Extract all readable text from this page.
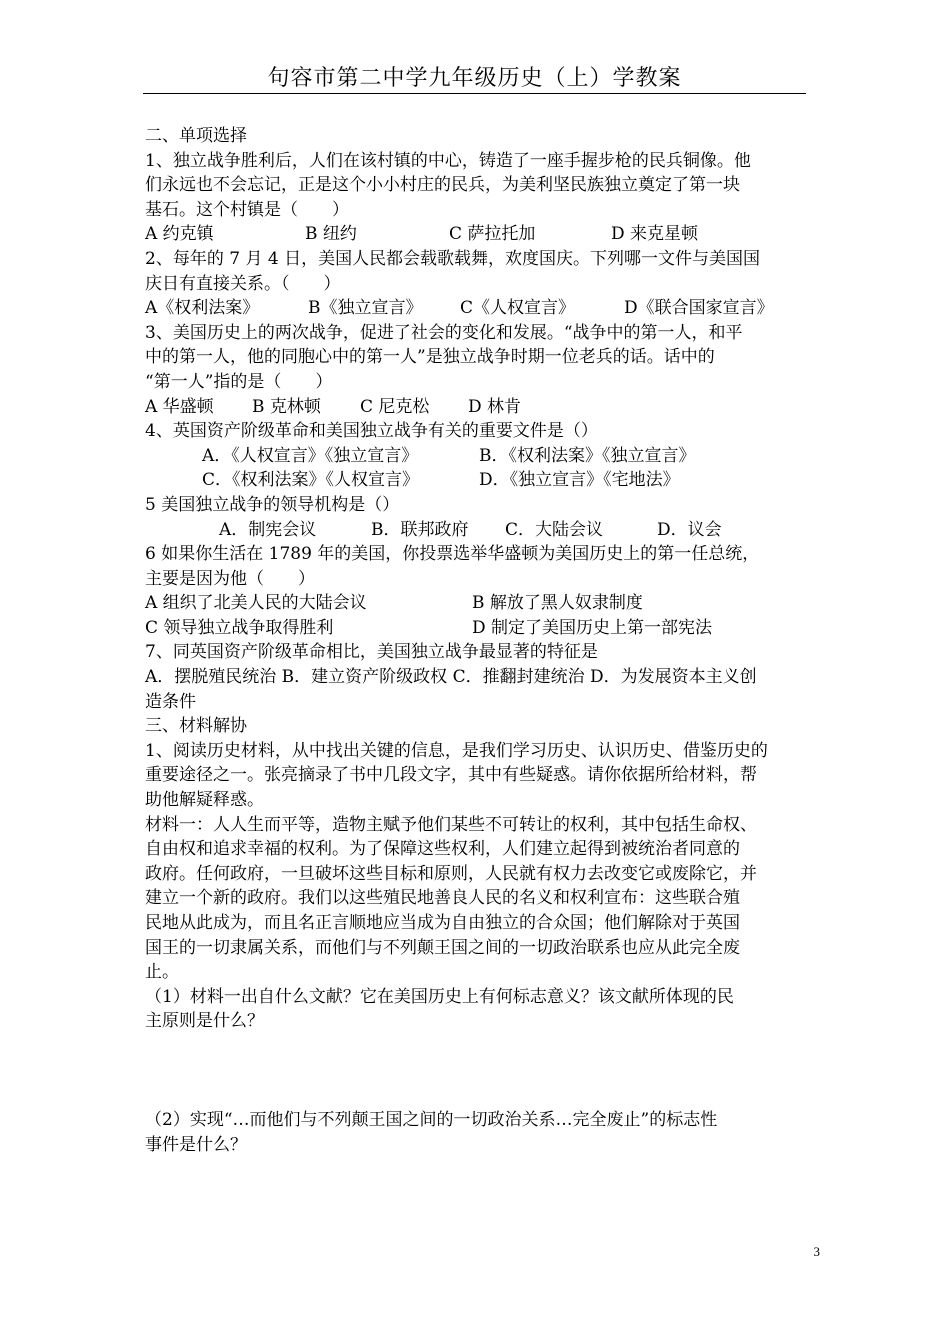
句容市第二中学九年级历史（上）学教案
二、单项选择
1、独立战争胜利后，人们在该村镇的中心，铸造了一座手握步枪的民兵铜像。他
们永远也不会忘记，正是这个小小村庄的民兵，为美利坚民族独立奠定了第一块
基石。这个村镇是（　　）
A 约克镇	B 纽约	C 萨拉托加	D 来克星顿
2、每年的 7 月 4 日，美国人民都会载歌载舞，欢度国庆。下列哪一文件与美国国
庆日有直接关系。（　　）
A《权利法案》	B《独立宣言》 C《人权宣言》	D《联合国家宣言》
3、美国历史上的两次战争，促进了社会的变化和发展。“战争中的第一人，和平
中的第一人，他的同胞心中的第一人”是独立战争时期一位老兵的话。话中的
“第一人”指的是（　　）
A 华盛顿 B 克林顿 C 尼克松 D 林肯
4、英国资产阶级革命和美国独立战争有关的重要文件是（）
A．《人权宣言》《独立宣言》	B．《权利法案》《独立宣言》
C．《权利法案》《人权宣言》	D．《独立宣言》《宅地法》
5 美国独立战争的领导机构是（）
A．制宪会议	B．联邦政府 C．大陆会议	D．议会
6 如果你生活在 1789 年的美国，你投票选举华盛顿为美国历史上的第一任总统，
主要是因为他（　　）
A 组织了北美人民的大陆会议	B 解放了黑人奴隶制度
C 领导独立战争取得胜利	D 制定了美国历史上第一部宪法
7、同英国资产阶级革命相比，美国独立战争最显著的特征是
A．摆脱殖民统治 B．建立资产阶级政权 C．推翻封建统治 D．为发展资本主义创
造条件
三、材料解协
1、阅读历史材料，从中找出关键的信息，是我们学习历史、认识历史、借鉴历史的
重要途径之一。张亮摘录了书中几段文字，其中有些疑惑。请你依据所给材料，帮
助他解疑释惑。
材料一：人人生而平等，造物主赋予他们某些不可转让的权利，其中包括生命权、
自由权和追求幸福的权利。为了保障这些权利，人们建立起得到被统治者同意的
政府。任何政府，一旦破坏这些目标和原则，人民就有权力去改变它或废除它，并
建立一个新的政府。我们以这些殖民地善良人民的名义和权利宣布：这些联合殖
民地从此成为，而且名正言顺地应当成为自由独立的合众国；他们解除对于英国
国王的一切隶属关系，而他们与不列颠王国之间的一切政治联系也应从此完全废
止。
（1）材料一出自什么文献？它在美国历史上有何标志意义？该文献所体现的民
主原则是什么？
（2）实现“…而他们与不列颠王国之间的一切政治关系…完全废止”的标志性
事件是什么？
3
